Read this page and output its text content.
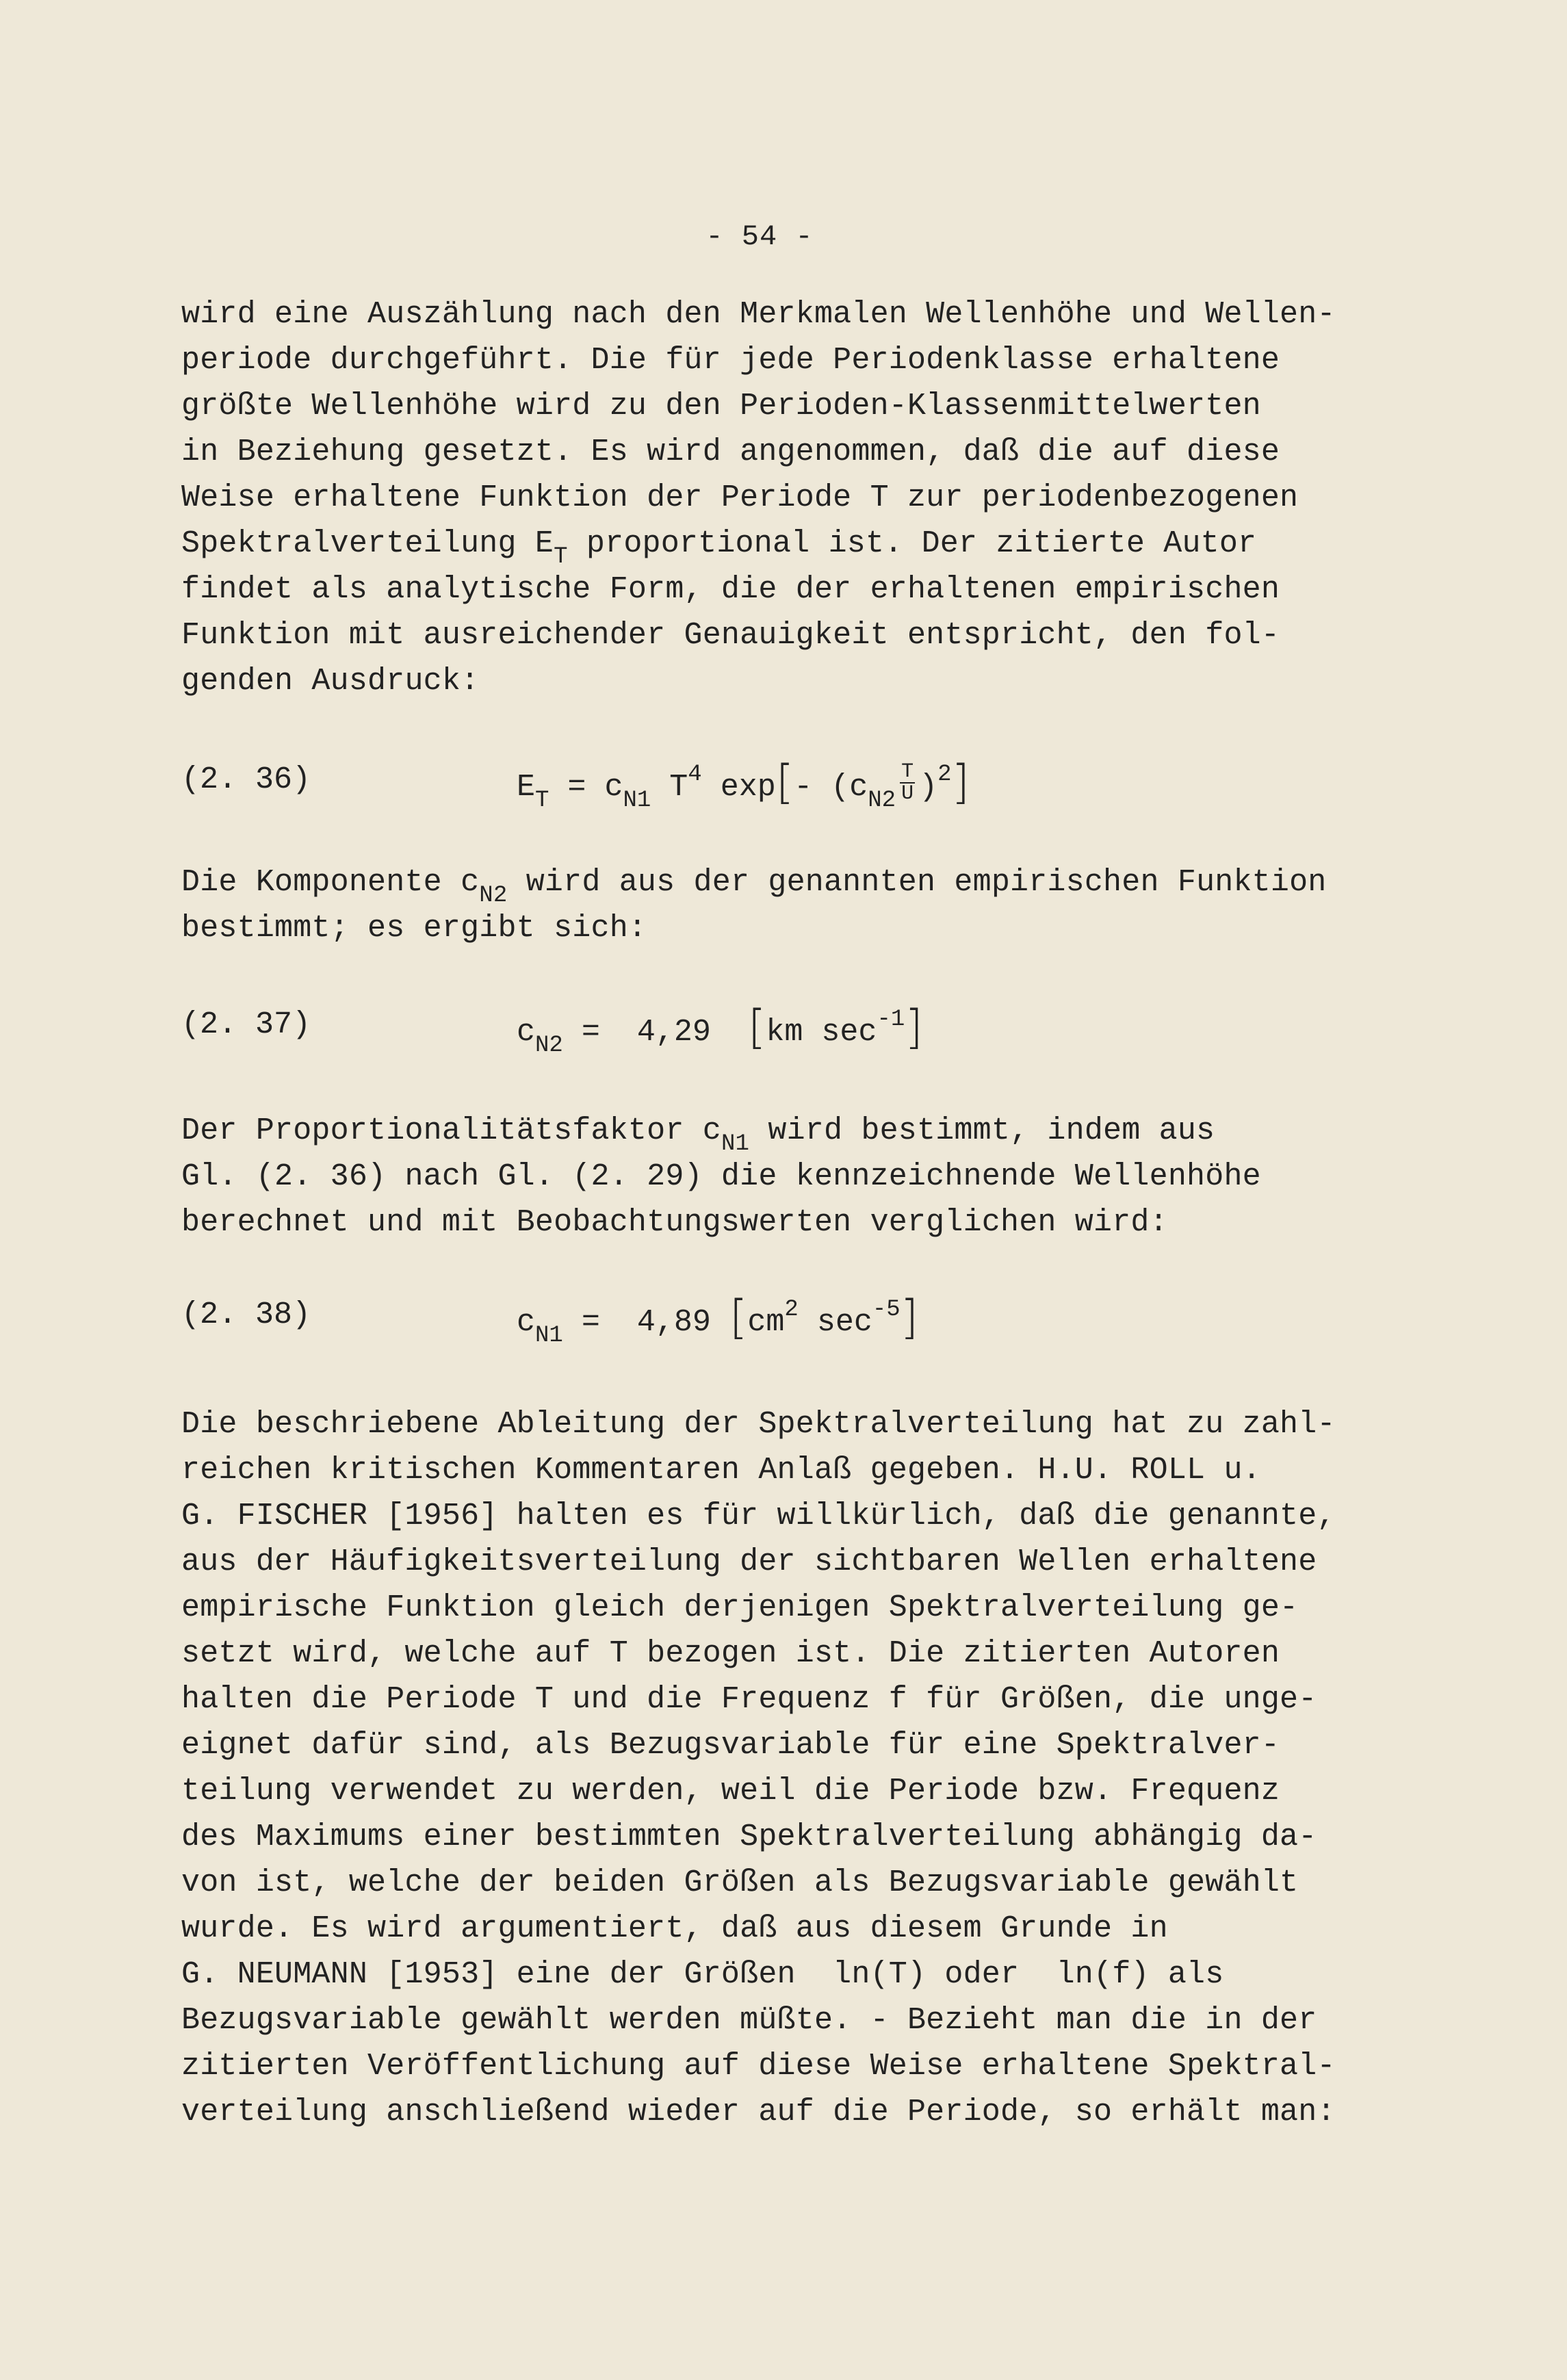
- 54 -
wird eine Auszählung nach den Merkmalen Wellenhöhe und Wellen-
periode durchgeführt. Die für jede Periodenklasse erhaltene
größte Wellenhöhe wird zu den Perioden-Klassenmittelwerten
in Beziehung gesetzt. Es wird angenommen, daß die auf diese
Weise erhaltene Funktion der Periode T zur periodenbezogenen
Spektralverteilung $E_T$ proportional ist. Der zitierte Autor
findet als analytische Form, die der erhaltenen empirischen
Funktion mit ausreichender Genauigkeit entspricht, den fol-
genden Ausdruck:
(2. 36)	$E_T = c_{N1}$ $T^4$ exp[- $(c_{N2} \frac{T}{U} )^2$]
Die Komponente $c_{N2}$ wird aus der genannten empirischen Funktion
bestimmt; es ergibt sich:
(2. 37)	$c_{N2} = 4,29$  [km $\sec^{-1}$]
Der Proportionalitätsfaktor $c_{N1}$ wird bestimmt, indem aus
Gl. (2. 36) nach Gl. (2. 29) die kennzeichnende Wellenhöhe
berechnet und mit Beobachtungswerten verglichen wird:
(2. 38)	$c_{N1} = 4,89$ [$cm^2$ $\sec^{-5}$]
Die beschriebene Ableitung der Spektralverteilung hat zu zahl-
reichen kritischen Kommentaren Anlaß gegeben. H.U. ROLL u.
G. FISCHER [1956] halten es für willkürlich, daß die genannte,
aus der Häufigkeitsverteilung der sichtbaren Wellen erhaltene
empirische Funktion gleich derjenigen Spektralverteilung ge-
setzt wird, welche auf T bezogen ist. Die zitierten Autoren
halten die Periode T und die Frequenz f für Größen, die unge-
eignet dafür sind, als Bezugsvariable für eine Spektralver-
teilung verwendet zu werden, weil die Periode bzw. Frequenz
des Maximums einer bestimmten Spektralverteilung abhängig da-
von ist, welche der beiden Größen als Bezugsvariable gewählt
wurde. Es wird argumentiert, daß aus diesem Grunde in
G. NEUMANN [1953] eine der Größen  ln(T) oder  ln(f) als
Bezugsvariable gewählt werden müßte. - Bezieht man die in der
zitierten Veröffentlichung auf diese Weise erhaltene Spektral-
verteilung anschließend wieder auf die Periode, so erhält man:
